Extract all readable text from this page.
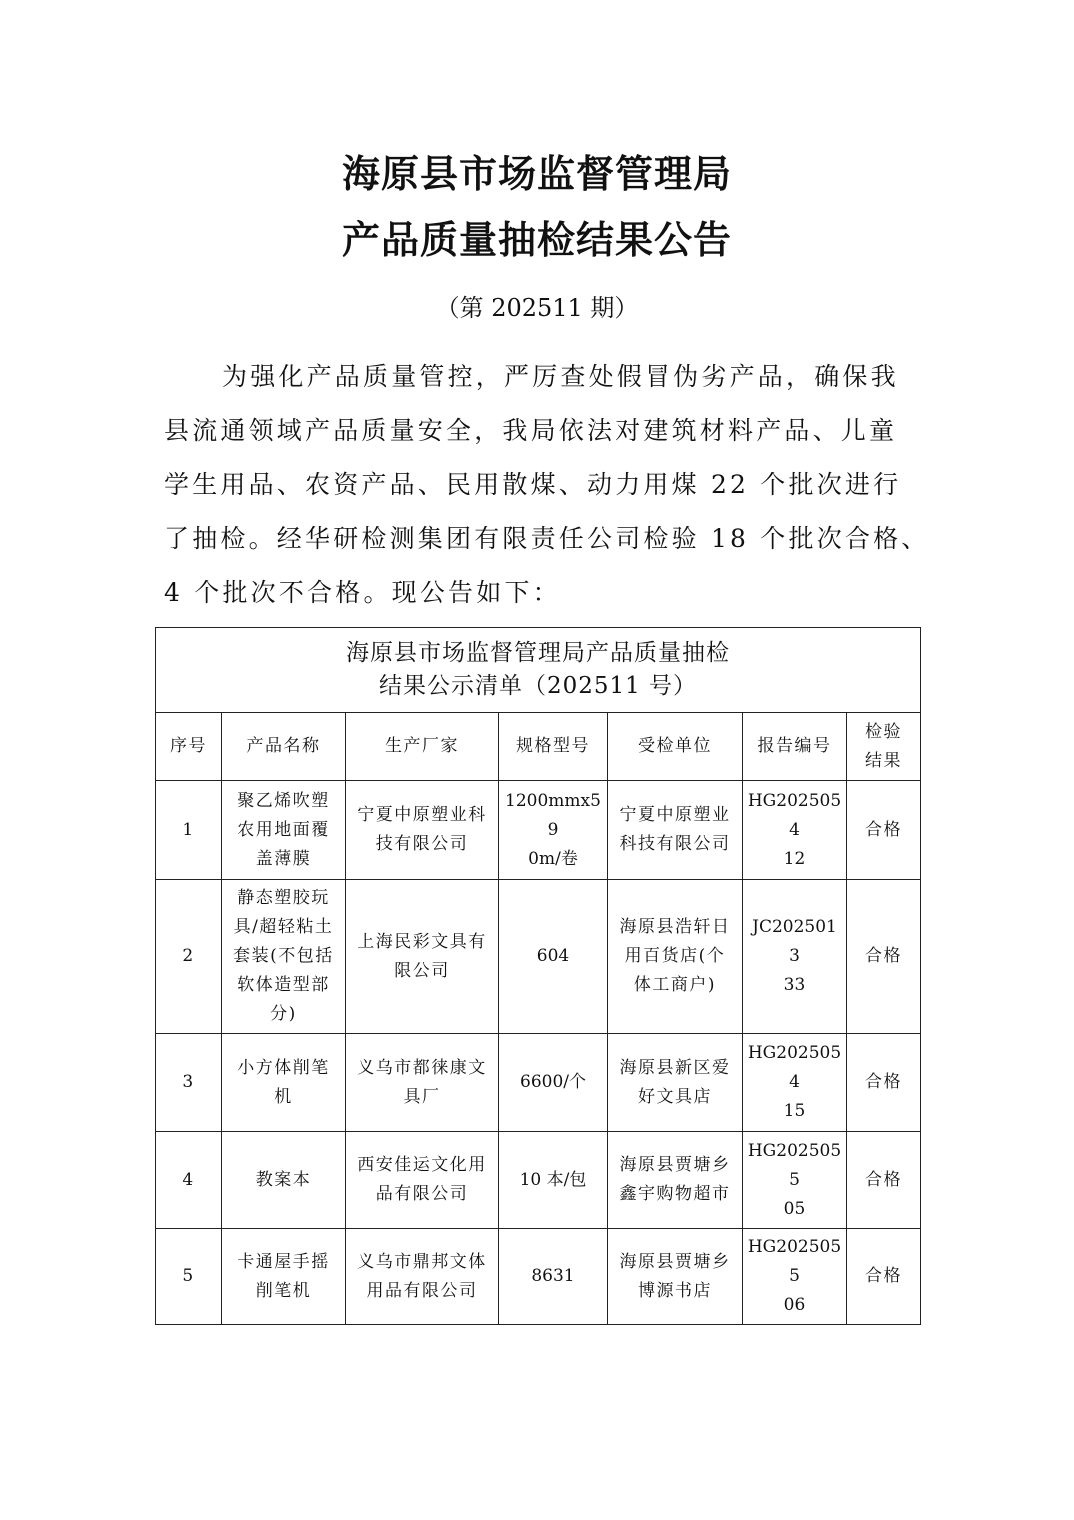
海原县市场监督管理局
产品质量抽检结果公告
（第 202511 期）

为强化产品质量管控，严厉查处假冒伪劣产品，确保我
县流通领域产品质量安全，我局依法对建筑材料产品、儿童
学生用品、农资产品、民用散煤、动力用煤 22 个批次进行
了抽检。经华研检测集团有限责任公司检验 18 个批次合格、
4 个批次不合格。现公告如下：

海原县市场监督管理局产品质量抽检
结果公示清单（202511 号）						

序号	产品名称	生产厂家	规格型号	受检单位	报告编号	检验
结果
1	聚乙烯吹塑
农用地面覆
盖薄膜	宁夏中原塑业科
技有限公司	1200mmx59
0m/卷	宁夏中原塑业
科技有限公司	HG2025054
12	合格
2	静态塑胶玩
具/超轻粘土
套装(不包括
软体造型部
分)	上海民彩文具有
限公司	604	海原县浩轩日
用百货店(个
体工商户)	JC2025013
33	合格
3	小方体削笔
机	义乌市都徕康文
具厂	6600/个	海原县新区爱
好文具店	HG2025054
15	合格
4	教案本	西安佳运文化用
品有限公司	10 本/包	海原县贾塘乡
鑫宇购物超市	HG2025055
05	合格
5	卡通屋手摇
削笔机	义乌市鼎邦文体
用品有限公司	8631	海原县贾塘乡
博源书店	HG2025055
06	合格
